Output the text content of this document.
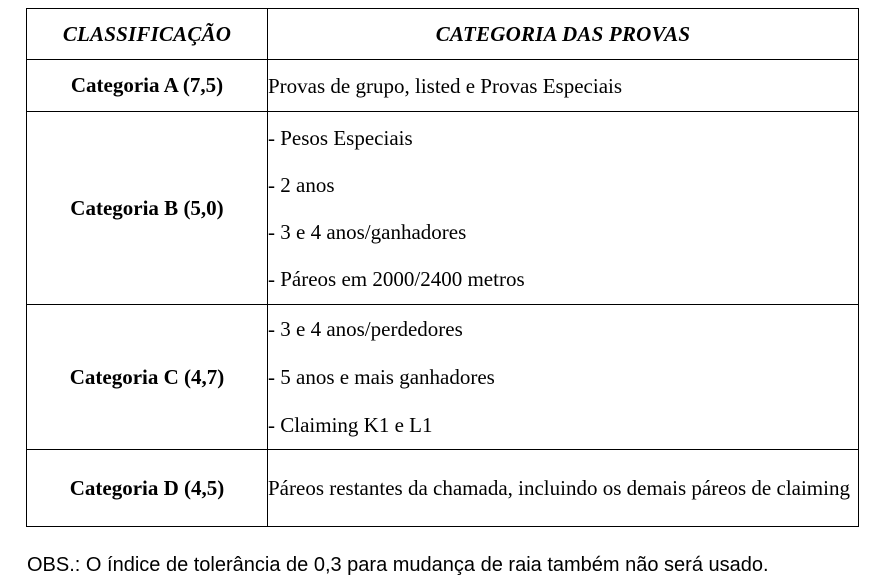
CLASSIFICAÇÃO	CATEGORIA DAS PROVAS
Categoria A (7,5)	Provas de grupo, listed e Provas Especiais

Categoria B (5,0)	- Pesos Especiais

- 2 anos

- 3 e 4 anos/ganhadores

- Páreos em 2000/2400 metros

Categoria C (4,7)	- 3 e 4 anos/perdedores

- 5 anos e mais ganhadores

- Claiming K1 e L1

Categoria D (4,5)	Páreos restantes da chamada, incluindo os demais páreos de claiming

OBS.: O índice de tolerância de 0,3 para mudança de raia também não será usado.
